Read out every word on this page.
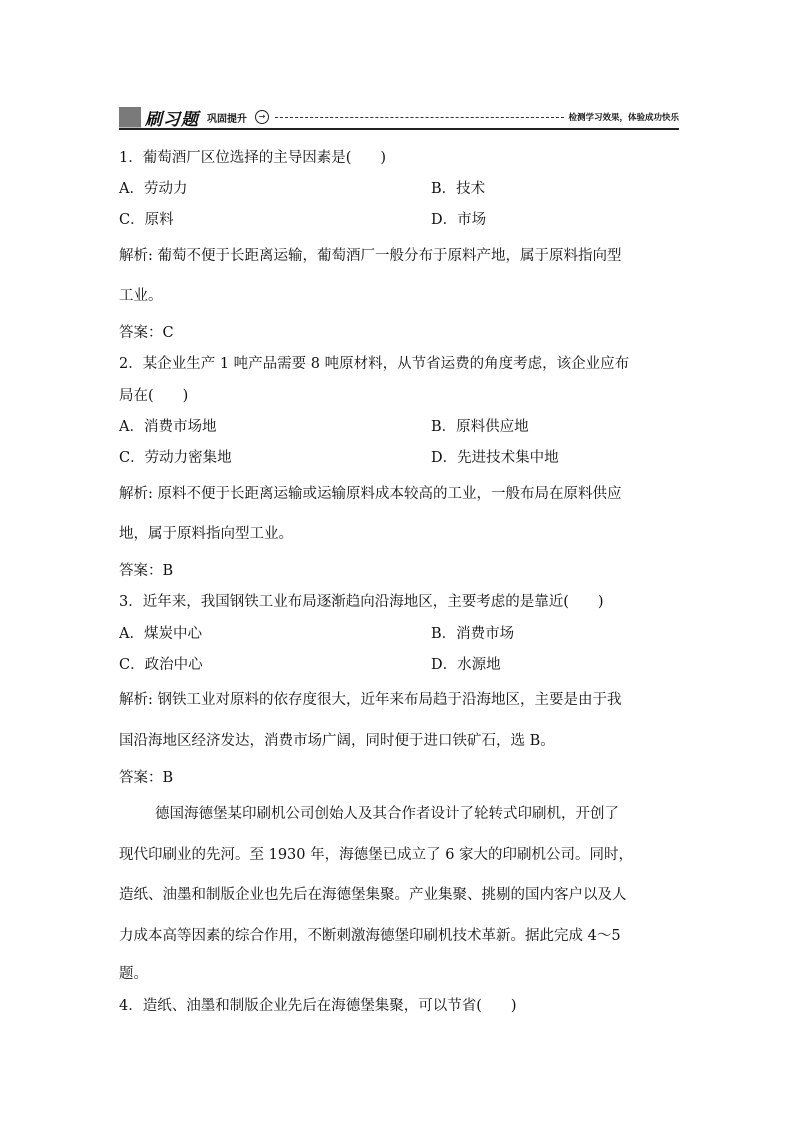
刷习题 巩固提升	→	检测学习效果，体验成功快乐
1．葡萄酒厂区位选择的主导因素是(　　)
A．劳动力	B．技术
C．原料	D．市场
解析: 葡萄不便于长距离运输，葡萄酒厂一般分布于原料产地，属于原料指向型
工业。
答案：C
2．某企业生产 1 吨产品需要 8 吨原材料，从节省运费的角度考虑，该企业应布
局在(　　)
A．消费市场地	B．原料供应地
C．劳动力密集地	D．先进技术集中地
解析: 原料不便于长距离运输或运输原料成本较高的工业，一般布局在原料供应
地，属于原料指向型工业。
答案：B
3．近年来，我国钢铁工业布局逐渐趋向沿海地区，主要考虑的是靠近(　　)
A．煤炭中心	B．消费市场
C．政治中心	D．水源地
解析: 钢铁工业对原料的依存度很大，近年来布局趋于沿海地区，主要是由于我
国沿海地区经济发达，消费市场广阔，同时便于进口铁矿石，选 B。
答案：B
德国海德堡某印刷机公司创始人及其合作者设计了轮转式印刷机，开创了
现代印刷业的先河。至 1930 年，海德堡已成立了 6 家大的印刷机公司。同时，
造纸、油墨和制版企业也先后在海德堡集聚。产业集聚、挑剔的国内客户以及人
力成本高等因素的综合作用，不断刺激海德堡印刷机技术革新。据此完成 4～5
题。
4．造纸、油墨和制版企业先后在海德堡集聚，可以节省(　　)
